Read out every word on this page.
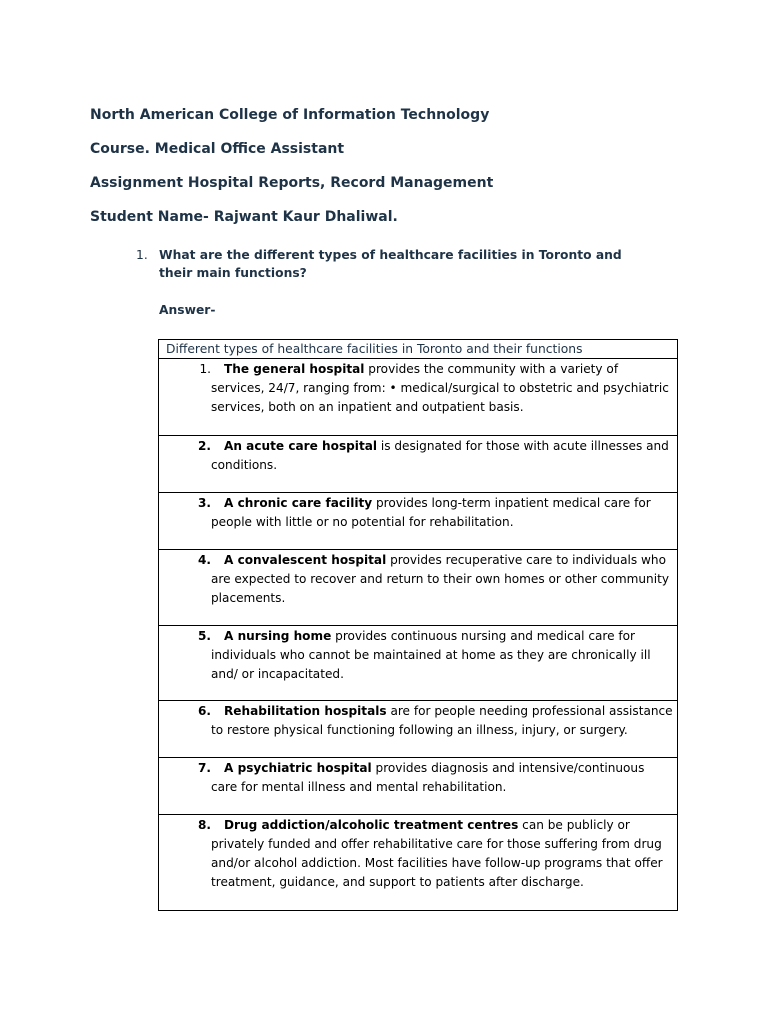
North American College of Information Technology
Course. Medical Office Assistant
Assignment Hospital Reports, Record Management
Student Name- Rajwant Kaur Dhaliwal.
1. What are the different types of healthcare facilities in Toronto and their main functions?
Answer-
Different types of healthcare facilities in Toronto and their functions
1.	The general hospital provides the community with a variety of services, 24/7, ranging from: • medical/surgical to obstetric and psychiatric services, both on an inpatient and outpatient basis.
2.	An acute care hospital is designated for those with acute illnesses and conditions.
3.	A chronic care facility provides long-term inpatient medical care for people with little or no potential for rehabilitation.
4.	A convalescent hospital provides recuperative care to individuals who are expected to recover and return to their own homes or other community placements.
5.	A nursing home provides continuous nursing and medical care for individuals who cannot be maintained at home as they are chronically ill and/ or incapacitated.
6.	Rehabilitation hospitals are for people needing professional assistance to restore physical functioning following an illness, injury, or surgery.
7.	A psychiatric hospital provides diagnosis and intensive/continuous care for mental illness and mental rehabilitation.
8.	Drug addiction/alcoholic treatment centres can be publicly or privately funded and offer rehabilitative care for those suffering from drug and/or alcohol addiction. Most facilities have follow-up programs that offer treatment, guidance, and support to patients after discharge.
